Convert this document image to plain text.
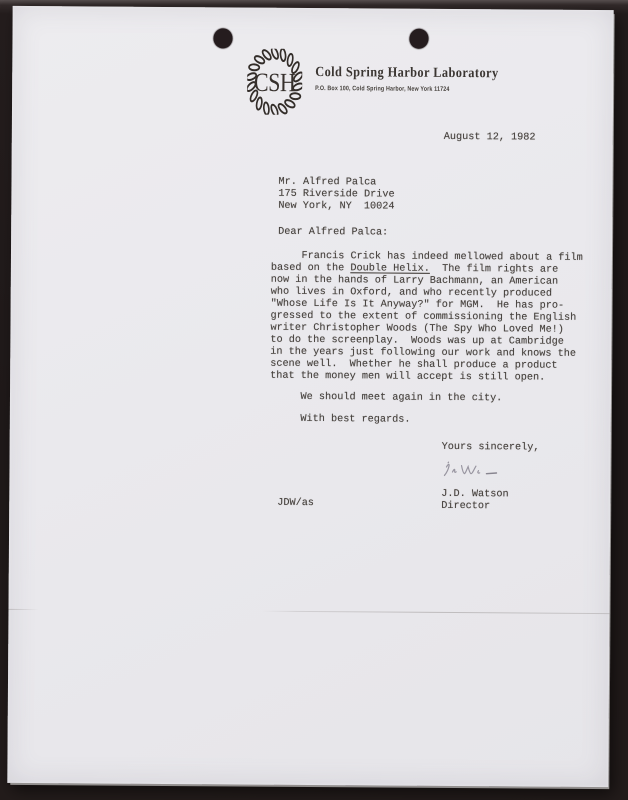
CSH Cold Spring Harbor Laboratory
P.O. Box 100, Cold Spring Harbor, New York 11724
August 12, 1982
Mr. Alfred Palca
175 Riverside Drive
New York, NY  10024
Dear Alfred Palca:
Francis Crick has indeed mellowed about a film
based on the Double Helix.  The film rights are
now in the hands of Larry Bachmann, an American
who lives in Oxford, and who recently produced
"Whose Life Is It Anyway?" for MGM.  He has pro-
gressed to the extent of commissioning the English
writer Christopher Woods (The Spy Who Loved Me!)
to do the screenplay.  Woods was up at Cambridge
in the years just following our work and knows the
scene well.  Whether he shall produce a product
that the money men will accept is still open.
We should meet again in the city.
With best regards.
Yours sincerely,
J.D. Watson
Director
JDW/as
